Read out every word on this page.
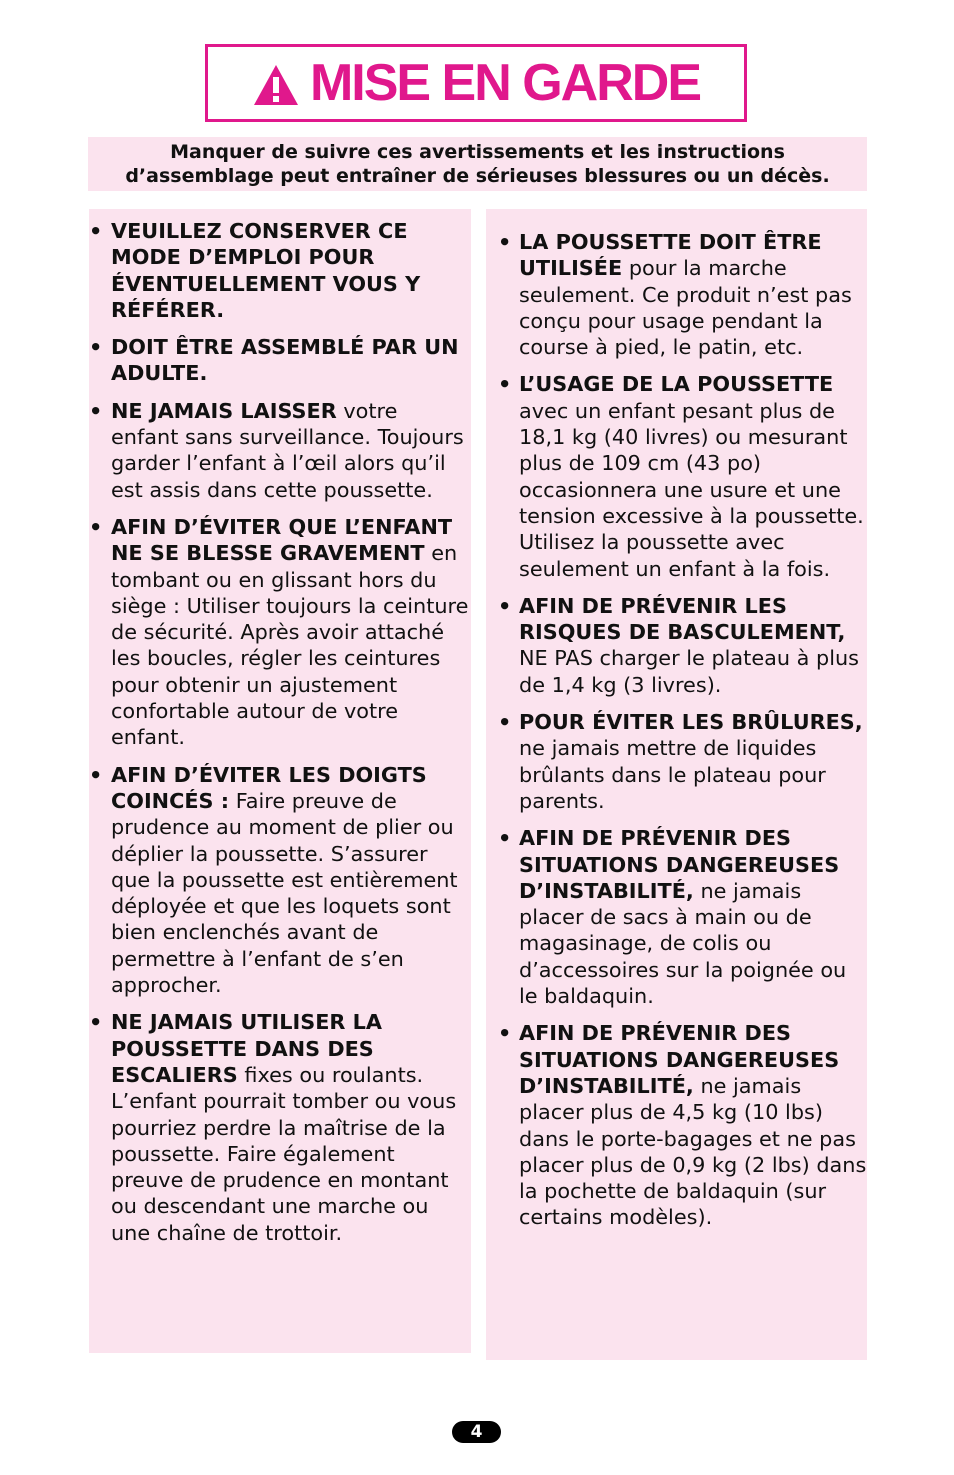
MISE EN GARDE
Manquer de suivre ces avertissements et les instructions
d’assemblage peut entraîner de sérieuses blessures ou un décès.
• VEUILLEZ CONSERVER CE MODE D’EMPLOI POUR ÉVENTUELLEMENT VOUS Y RÉFÉRER.
• DOIT ÊTRE ASSEMBLÉ PAR UN ADULTE.
• NE JAMAIS LAISSER votre enfant sans surveillance. Toujours garder l’enfant à l’œil alors qu’il est assis dans cette poussette.
• AFIN D’ÉVITER QUE L’ENFANT NE SE BLESSE GRAVEMENT en tombant ou en glissant hors du siège : Utiliser toujours la ceinture de sécurité. Après avoir attaché les boucles, régler les ceintures pour obtenir un ajustement confortable autour de votre enfant.
• AFIN D’ÉVITER LES DOIGTS COINCÉS : Faire preuve de prudence au moment de plier ou déplier la poussette. S’assurer que la poussette est entièrement déployée et que les loquets sont bien enclenchés avant de permettre à l’enfant de s’en approcher.
• NE JAMAIS UTILISER LA POUSSETTE DANS DES ESCALIERS fixes ou roulants. L’enfant pourrait tomber ou vous pourriez perdre la maîtrise de la poussette. Faire également preuve de prudence en montant ou descendant une marche ou une chaîne de trottoir.
• LA POUSSETTE DOIT ÊTRE UTILISÉE pour la marche seulement. Ce produit n’est pas conçu pour usage pendant la course à pied, le patin, etc.
• L’USAGE DE LA POUSSETTE avec un enfant pesant plus de 18,1 kg (40 livres) ou mesurant plus de 109 cm (43 po) occasionnera une usure et une tension excessive à la poussette. Utilisez la poussette avec seulement un enfant à la fois.
• AFIN DE PRÉVENIR LES RISQUES DE BASCULEMENT, NE PAS charger le plateau à plus de 1,4 kg (3 livres).
• POUR ÉVITER LES BRÛLURES, ne jamais mettre de liquides brûlants dans le plateau pour parents.
• AFIN DE PRÉVENIR DES SITUATIONS DANGEREUSES D’INSTABILITÉ, ne jamais placer de sacs à main ou de magasinage, de colis ou d’accessoires sur la poignée ou le baldaquin.
• AFIN DE PRÉVENIR DES SITUATIONS DANGEREUSES D’INSTABILITÉ, ne jamais placer plus de 4,5 kg (10 lbs) dans le porte-bagages et ne pas placer plus de 0,9 kg (2 lbs) dans la pochette de baldaquin (sur certains modèles).
4
